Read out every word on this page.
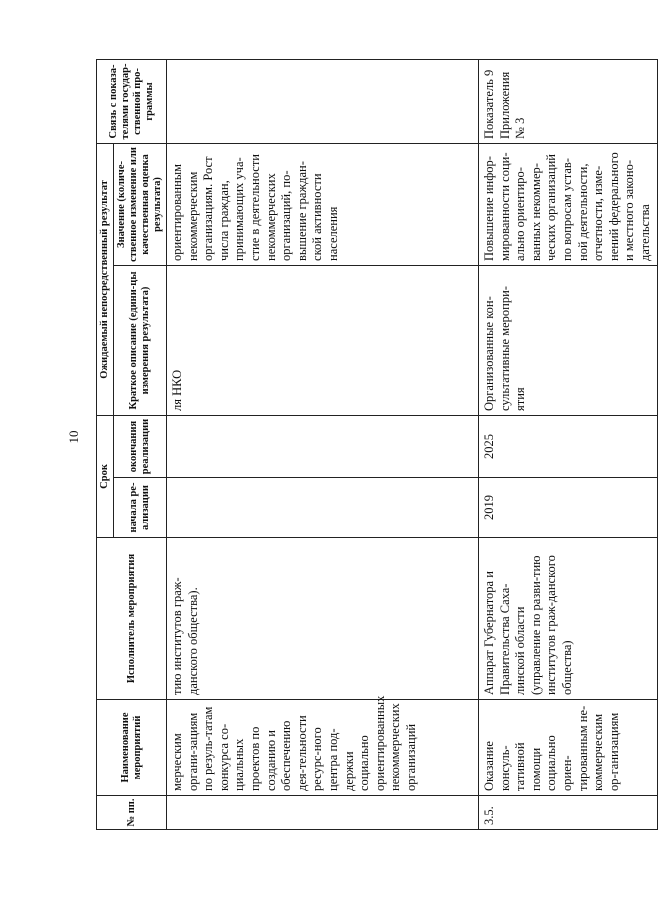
10
№ пп.	Наименование мероприятий	Исполнитель мероприятия	Срок		Ожидаемый непосредственный результат		Связь с показа-телями государ-ственной про-граммы
			начала ре-ализации	окончания реализации	Краткое описание (едини-цы измерения результата)	Значение (количе-ственное изменение или качественная оценка результата)	
	мерческим органи-зациям по резуль-татам конкурса со-циальных проектов по созданию и обеспечению дея-тельности ресурс-ного центра под-держки социально ориентированных некоммерческих организаций	тию институтов граж-данского общества).			ля НКО	ориентированным некоммерческим организациям. Рост числа граждан, принимающих уча-стие в деятельности некоммерческих организаций, по-вышение граждан-ской активности населения	
3.5.	Оказание консуль-тативной помощи социально ориен-тированным не-коммерческим ор-ганизациям	Аппарат Губернатора и Правительства Саха-линской области (управление по разви-тию институтов граж-данского общества)	2019	2025	Организованные кон-сультативные меропри-ятия	Повышение инфор-мированности соци-ально ориентиро-ванных некоммер-ческих организаций по вопросам устав-ной деятельности, отчетности, изме-нений федерального и местного законо-дательства	Показатель 9 Приложения № 3
